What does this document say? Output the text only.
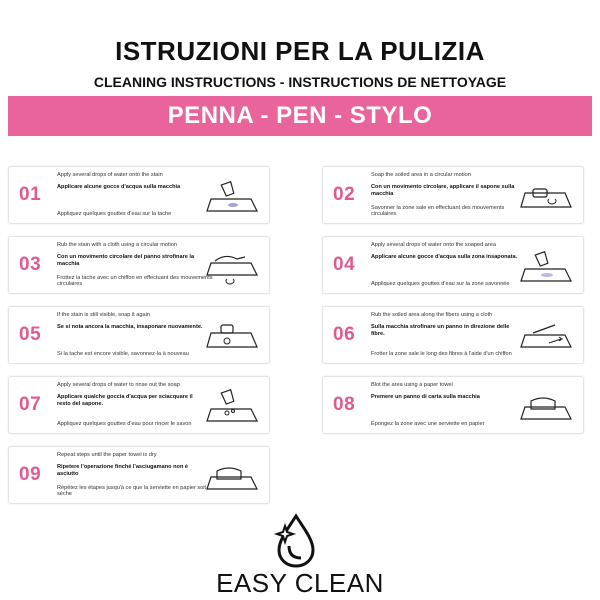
ISTRUZIONI PER LA PULIZIA
CLEANING INSTRUCTIONS - INSTRUCTIONS DE NETTOYAGE
PENNA - PEN - STYLO
01
Apply several drops of water onto the stain
Applicare alcune gocce d'acqua sulla macchia
Appliquez quelques gouttes d'eau sur la tache
02
Soap the soiled area in a circular motion
Con un movimento circolare, applicare il sapone sulla macchia
Savonner la zone sale en effectuant des mouvements circulaires
03
Rub the stain with a cloth using a circular motion
Con un movimento circolare del panno strofinare la macchia
Frottez la tache avec un chiffon en effectuant des mouvements circulaires
04
Apply several drops of water onto the soaped area
Applicare alcune gocce d'acqua sulla zona insaponata.
Appliquez quelques gouttes d'eau sur la zone savonnée
05
If the stain is still visible, soap it again
Se si nota ancora la macchia, insaponare nuovamente.
Si la tache est encore visible, savonnez-la à nouveau
06
Rub the soiled area along the fibers using a cloth
Sulla macchia strofinare un panno in direzione delle fibre.
Frotter la zone sale le long des fibres à l'aide d'un chiffon
07
Apply several drops of water to rinse out the soap
Applicare qualche goccia d'acqua per sciacquare il resto del sapone.
Appliquez quelques gouttes d'eau pour rincer le savon
08
Blot the area using a paper towel
Premere un panno di carta sulla macchia
Épongez la zone avec une serviette en papier
09
Repeat steps until the paper towel is dry
Ripetere l'operazione finché l'asciugamano non è asciutto
Répétez les étapes jusqu'à ce que la serviette en papier soit sèche
EASY CLEAN
